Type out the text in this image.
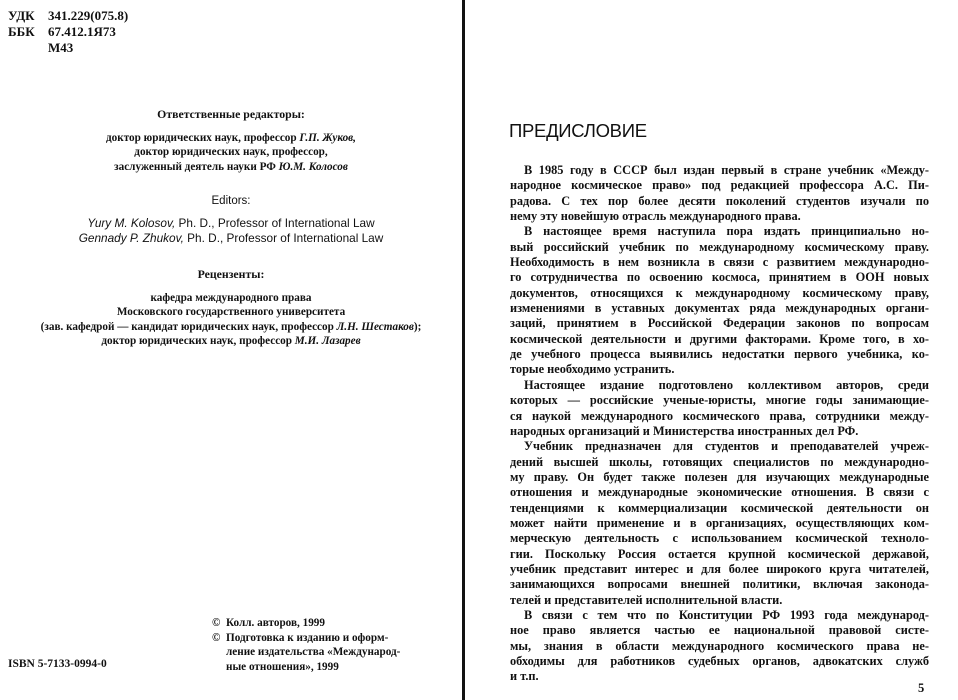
УДК	341.229(075.8)
ББК	67.412.1Я73
М43
Ответственные редакторы:
доктор юридических наук, профессор Г.П. Жуков,
доктор юридических наук, профессор,
заслуженный деятель науки РФ Ю.М. Колосов
Editors:
Yury M. Kolosov, Ph. D., Professor of International Law
Gennady P. Zhukov, Ph. D., Professor of International Law
Рецензенты:
кафедра международного права
Московского государственного университета
(зав. кафедрой — кандидат юридических наук, профессор Л.Н. Шестаков);
доктор юридических наук, профессор М.И. Лазарев
© Колл. авторов, 1999
© Подготовка к изданию и оформ-
ление издательства «Международ-
ные отношения», 1999
ISBN 5-7133-0994-0
ПРЕДИСЛОВИЕ
В 1985 году в СССР был издан первый в стране учебник «Между-
народное космическое право» под редакцией профессора А.С. Пи-
радова. С тех пор более десяти поколений студентов изучали по
нему эту новейшую отрасль международного права.
В настоящее время наступила пора издать принципиально но-
вый российский учебник по международному космическому праву.
Необходимость в нем возникла в связи с развитием международно-
го сотрудничества по освоению космоса, принятием в ООН новых
документов, относящихся к международному космическому праву,
изменениями в уставных документах ряда международных органи-
заций, принятием в Российской Федерации законов по вопросам
космической деятельности и другими факторами. Кроме того, в хо-
де учебного процесса выявились недостатки первого учебника, ко-
торые необходимо устранить.
Настоящее издание подготовлено коллективом авторов, среди
которых — российские ученые-юристы, многие годы занимающие-
ся наукой международного космического права, сотрудники между-
народных организаций и Министерства иностранных дел РФ.
Учебник предназначен для студентов и преподавателей учреж-
дений высшей школы, готовящих специалистов по международно-
му праву. Он будет также полезен для изучающих международные
отношения и международные экономические отношения. В связи с
тенденциями к коммерциализации космической деятельности он
может найти применение и в организациях, осуществляющих ком-
мерческую деятельность с использованием космической техноло-
гии. Поскольку Россия остается крупной космической державой,
учебник представит интерес и для более широкого круга читателей,
занимающихся вопросами внешней политики, включая законода-
телей и представителей исполнительной власти.
В связи с тем что по Конституции РФ 1993 года международ-
ное право является частью ее национальной правовой систе-
мы, знания в области международного космического права не-
обходимы для работников судебных органов, адвокатских служб
и т.п.
5
